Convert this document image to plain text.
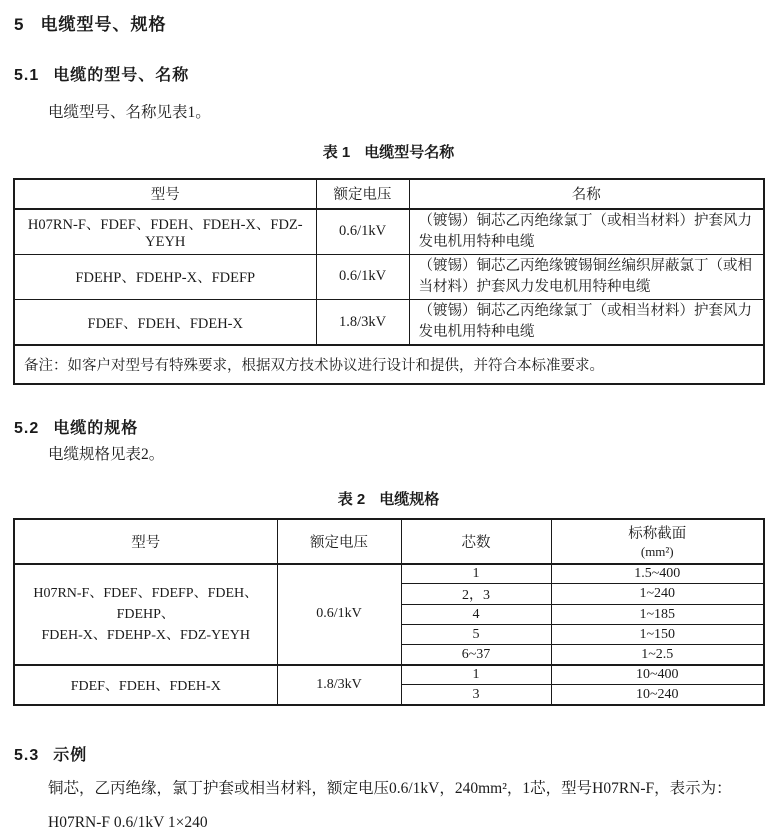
5 电缆型号、规格
5.1 电缆的型号、名称

电缆型号、名称见表1。

表 1 电缆型号名称
型号	额定电压	名称
H07RN-F、FDEF、FDEH、FDEH-X、FDZ-YEYH	0.6/1kV	（镀锡）铜芯乙丙绝缘氯丁（或相当材料）护套风力发电机用特种电缆
FDEHP、FDEHP-X、FDEFP	0.6/1kV	（镀锡）铜芯乙丙绝缘镀锡铜丝编织屏蔽氯丁（或相当材料）护套风力发电机用特种电缆
FDEF、FDEH、FDEH-X	1.8/3kV	（镀锡）铜芯乙丙绝缘氯丁（或相当材料）护套风力发电机用特种电缆
备注：如客户对型号有特殊要求，根据双方技术协议进行设计和提供，并符合本标准要求。		
5.2 电缆的规格

电缆规格见表2。

表 2 电缆规格
型号	额定电压	芯数	标称截面
(mm²)

H07RN-F、FDEF、FDEFP、FDEH、FDEHP、
FDEH-X、FDEHP-X、FDZ-YEYH	0.6/1kV	1	1.5~400
		2，3	1~240
		4	1~185
		5	1~150
		6~37	1~2.5
FDEF、FDEH、FDEH-X	1.8/3kV	1	10~400
		3	10~240
5.3 示例

铜芯，乙丙绝缘，氯丁护套或相当材料，额定电压0.6/1kV，240mm²，1芯，型号H07RN-F，表示为：

H07RN-F 0.6/1kV 1×240
